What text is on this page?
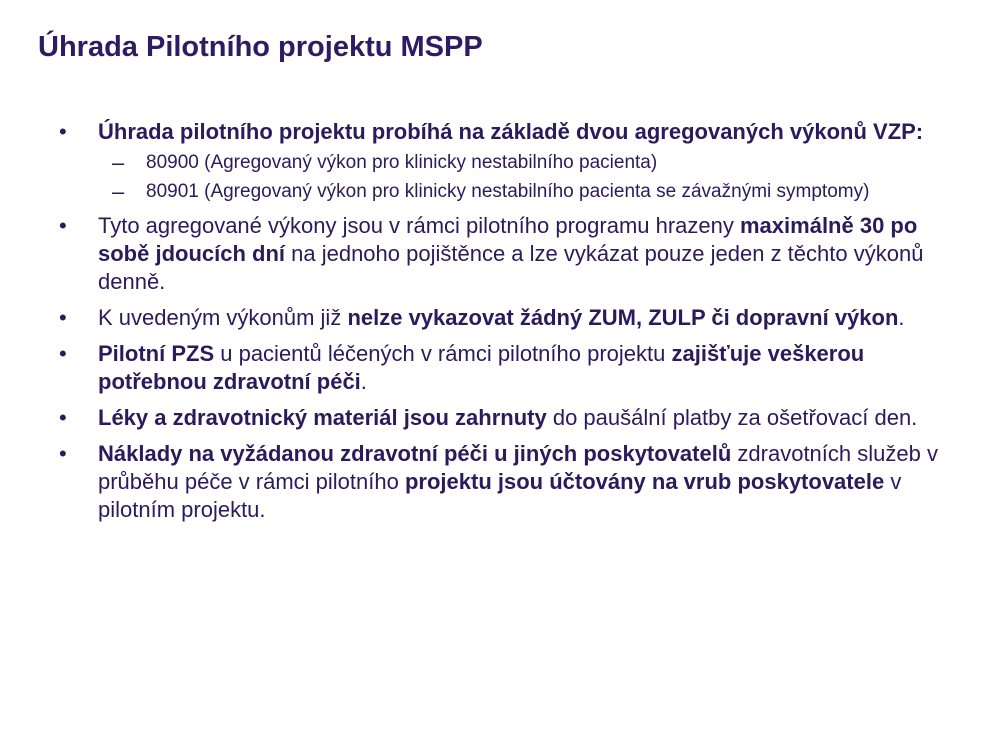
Úhrada Pilotního projektu MSPP
• Úhrada pilotního projektu probíhá na základě dvou agregovaných výkonů VZP:
– 80900 (Agregovaný výkon pro klinicky nestabilního pacienta)
– 80901 (Agregovaný výkon pro klinicky nestabilního pacienta se závažnými symptomy)
• Tyto agregované výkony jsou v rámci pilotního programu hrazeny maximálně 30 po sobě jdoucích dní na jednoho pojištěnce a lze vykázat pouze jeden z těchto výkonů denně.
• K uvedeným výkonům již nelze vykazovat žádný ZUM, ZULP či dopravní výkon.
• Pilotní PZS u pacientů léčených v rámci pilotního projektu zajišťuje veškerou potřebnou zdravotní péči.
• Léky a zdravotnický materiál jsou zahrnuty do paušální platby za ošetřovací den.
• Náklady na vyžádanou zdravotní péči u jiných poskytovatelů zdravotních služeb v průběhu péče v rámci pilotního projektu jsou účtovány na vrub poskytovatele v pilotním projektu.
